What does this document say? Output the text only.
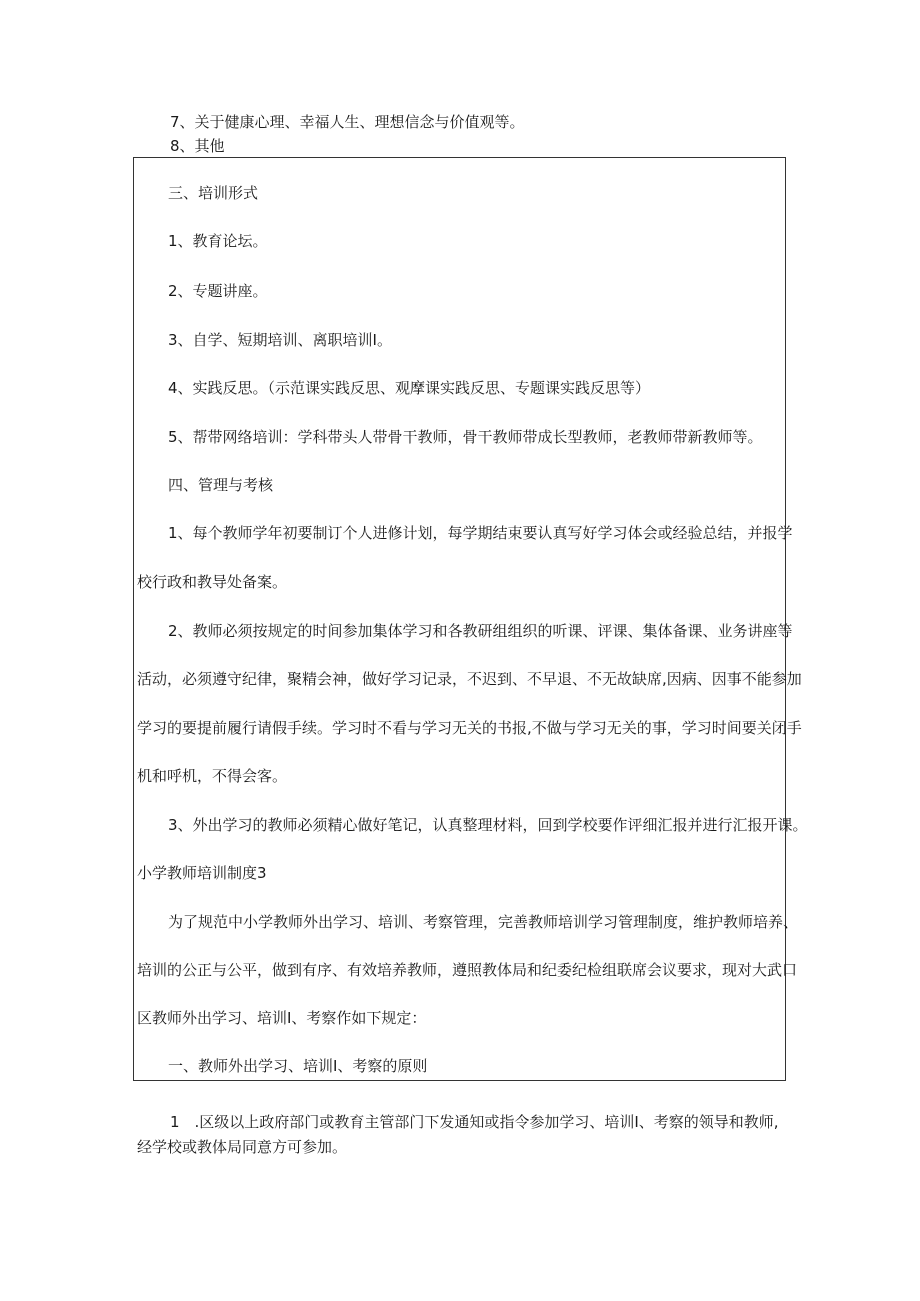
7、关于健康心理、幸福人生、理想信念与价值观等。

8、其他

三、培训形式

1、教育论坛。

2、专题讲座。

3、自学、短期培训、离职培训I。

4、实践反思。（示范课实践反思、观摩课实践反思、专题课实践反思等）

5、帮带网络培训：学科带头人带骨干教师，骨干教师带成长型教师，老教师带新教师等。

四、管理与考核

1、每个教师学年初要制订个人进修计划，每学期结束要认真写好学习体会或经验总结，并报学

校行政和教导处备案。

2、教师必须按规定的时间参加集体学习和各教研组组织的听课、评课、集体备课、业务讲座等

活动，必须遵守纪律，聚精会神，做好学习记录，不迟到、不早退、不无故缺席,因病、因事不能参加

学习的要提前履行请假手续。学习时不看与学习无关的书报,不做与学习无关的事，学习时间要关闭手

机和呼机，不得会客。

3、外出学习的教师必须精心做好笔记，认真整理材料，回到学校要作评细汇报并进行汇报开课。

小学教师培训制度3

为了规范中小学教师外出学习、培训、考察管理，完善教师培训学习管理制度，维护教师培养、

培训的公正与公平，做到有序、有效培养教师，遵照教体局和纪委纪检组联席会议要求，现对大武口

区教师外出学习、培训I、考察作如下规定：

一、教师外出学习、培训I、考察的原则

1　.区级以上政府部门或教育主管部门下发通知或指令参加学习、培训I、考察的领导和教师,

经学校或教体局同意方可参加。
